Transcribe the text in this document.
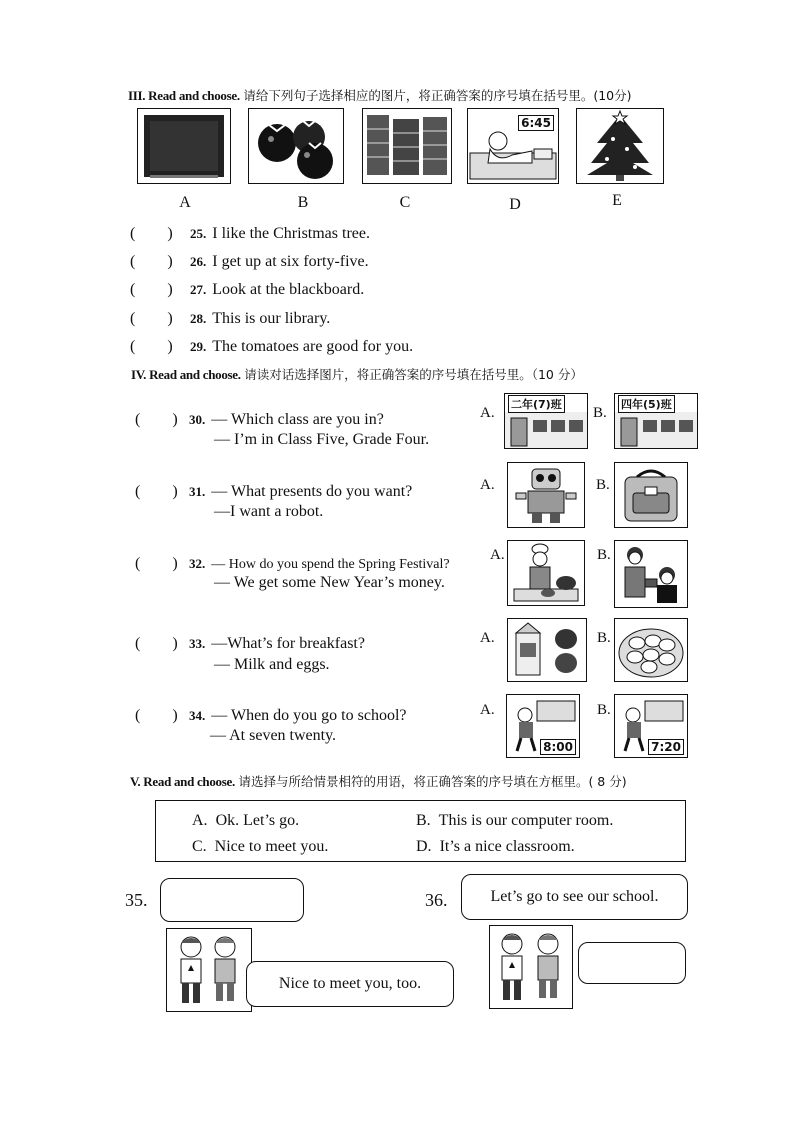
III. Read and choose. 请给下列句子选择相应的图片，将正确答案的序号填在括号里。(10分)
6:45
A	B	C	D	E
(　　) 25. I like the Christmas tree.
(　　) 26. I get up at six forty-five.
(　　) 27. Look at the blackboard.
(　　) 28. This is our library.
(　　) 29. The tomatoes are good for you.
IV. Read and choose. 请读对话选择图片，将正确答案的序号填在括号里。（10 分）
(　　) 30. — Which class are you in?
— I’m in Class Five, Grade Four.
A.
二年(7)班
B.
四年(5)班
(　　) 31. — What presents do you want?
—I want a robot.
A.	B.
(　　) 32. — How do you spend the Spring Festival?
— We get some New Year’s money.
A.	B.
(　　) 33. —What’s for breakfast?
— Milk and eggs.
A.	B.
(　　) 34. — When do you go to school?
— At seven twenty.
A.
8:00
B.
7:20
V. Read and choose. 请选择与所给情景相符的用语，将正确答案的序号填在方框里。( 8 分)
A. Ok. Let’s go.	B. This is our computer room.
C. Nice to meet you.	D. It’s a nice classroom.
35.
Nice to meet you, too.
36.	Let’s go to see our school.
